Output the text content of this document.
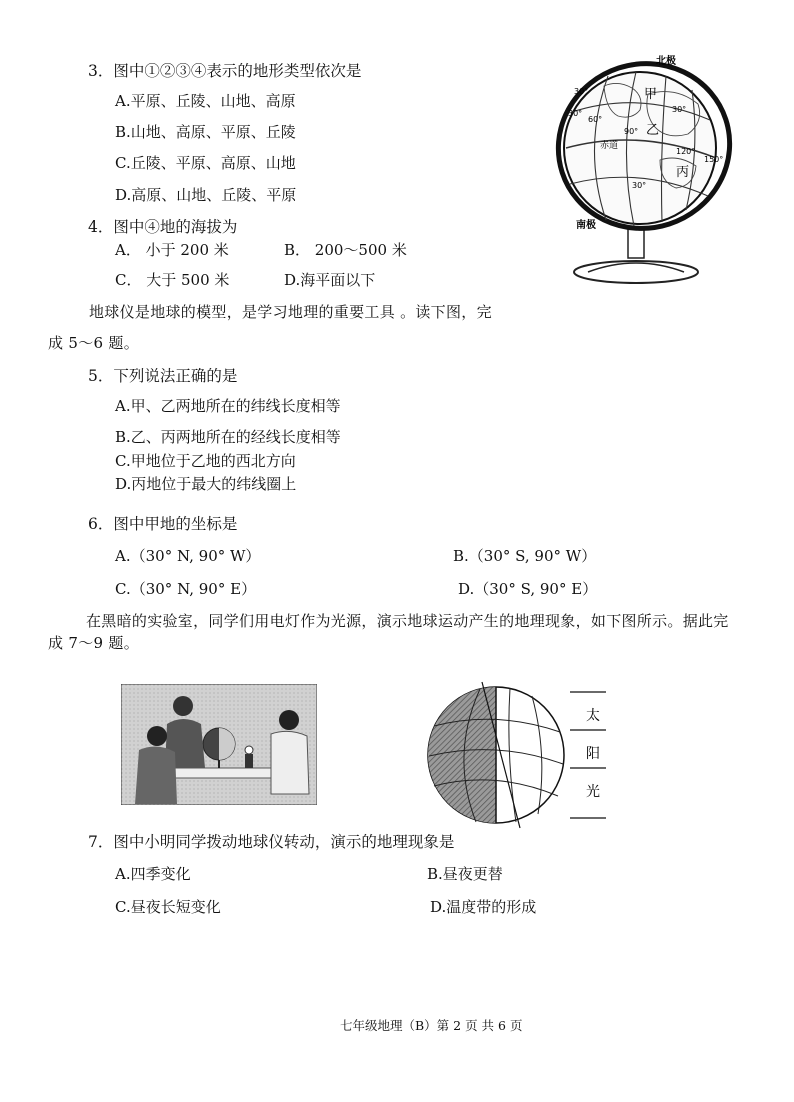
3．图中①②③④表示的地形类型依次是
A.平原、丘陵、山地、高原
B.山地、高原、平原、丘陵
C.丘陵、平原、高原、山地
D.高原、山地、丘陵、平原
4．图中④地的海拔为
A． 小于 200 米	B． 200～500 米
C． 大于 500 米	D.海平面以下
地球仪是地球的模型，是学习地理的重要工具 。读下图，完
成 5～6 题。
5．下列说法正确的是
A.甲、乙两地所在的纬线长度相等
B.乙、丙两地所在的经线长度相等
C.甲地位于乙地的西北方向
D.丙地位于最大的纬线圈上
6．图中甲地的坐标是
A.（30° N, 90° W）	B.（30° S, 90° W）
C.（30° N, 90° E）	D.（30° S, 90° E）
在黑暗的实验室，同学们用电灯作为光源，演示地球运动产生的地理现象，如下图所示。据此完
成 7～9 题。
7．图中小明同学拨动地球仪转动，演示的地理现象是
A.四季变化	B.昼夜更替
C.昼夜长短变化	D.温度带的形成
七年级地理（B）第 2 页 共 6 页
北极
南极
赤道
甲
乙
丙
30°
30°
30°
60°
90°
120°
150°
30°
太
阳
光
